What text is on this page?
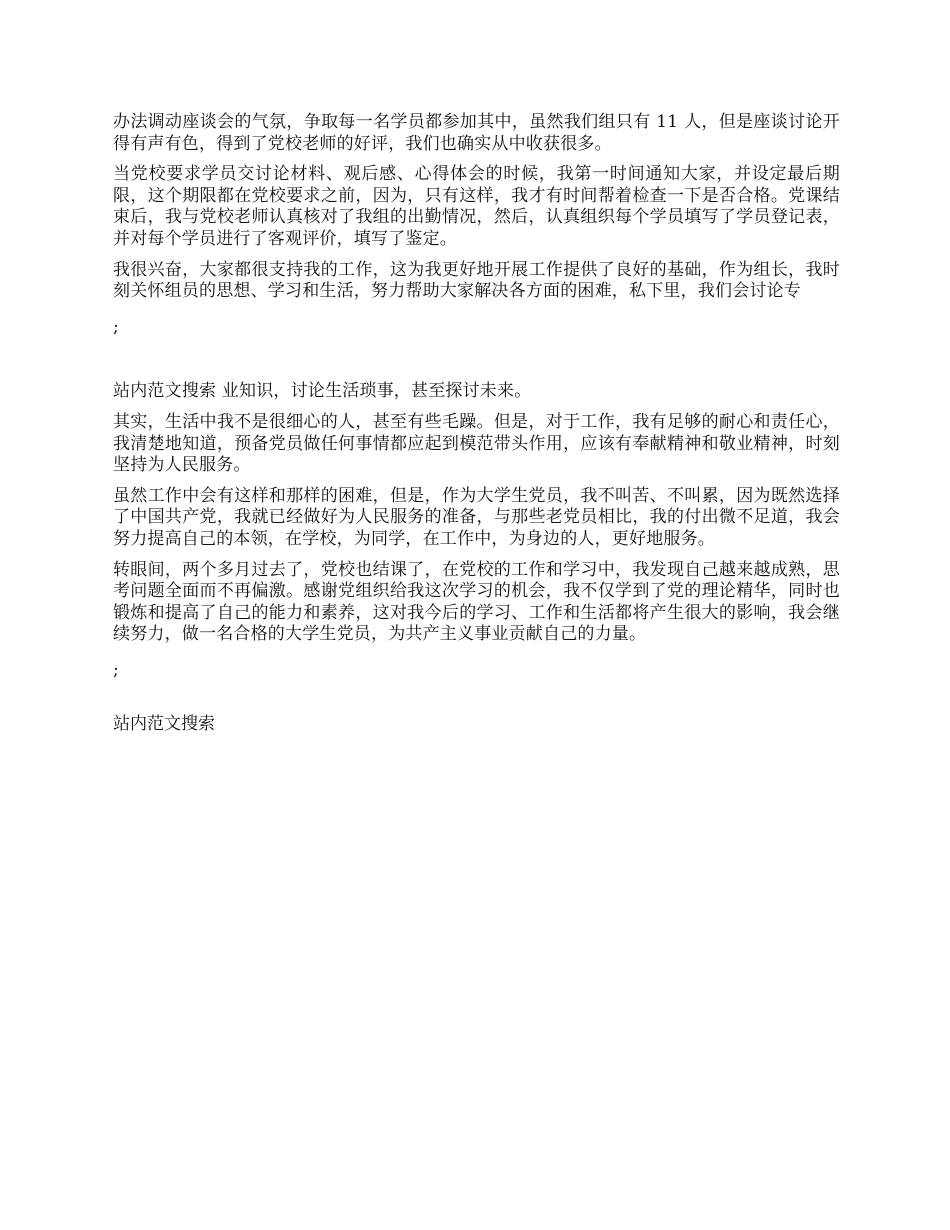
办法调动座谈会的气氛，争取每一名学员都参加其中，虽然我们组只有 11 人，但是座谈讨论开得有声有色，得到了党校老师的好评，我们也确实从中收获很多。

当党校要求学员交讨论材料、观后感、心得体会的时候，我第一时间通知大家，并设定最后期限，这个期限都在党校要求之前，因为，只有这样，我才有时间帮着检查一下是否合格。党课结束后，我与党校老师认真核对了我组的出勤情况，然后，认真组织每个学员填写了学员登记表，并对每个学员进行了客观评价，填写了鉴定。

我很兴奋，大家都很支持我的工作，这为我更好地开展工作提供了良好的基础，作为组长，我时刻关怀组员的思想、学习和生活，努力帮助大家解决各方面的困难，私下里，我们会讨论专

;

站内范文搜索 业知识，讨论生活琐事，甚至探讨未来。

其实，生活中我不是很细心的人，甚至有些毛躁。但是，对于工作，我有足够的耐心和责任心，我清楚地知道，预备党员做任何事情都应起到模范带头作用，应该有奉献精神和敬业精神，时刻坚持为人民服务。

虽然工作中会有这样和那样的困难，但是，作为大学生党员，我不叫苦、不叫累，因为既然选择了中国共产党，我就已经做好为人民服务的准备，与那些老党员相比，我的付出微不足道，我会努力提高自己的本领，在学校，为同学，在工作中，为身边的人，更好地服务。

转眼间，两个多月过去了，党校也结课了，在党校的工作和学习中，我发现自己越来越成熟，思考问题全面而不再偏激。感谢党组织给我这次学习的机会，我不仅学到了党的理论精华，同时也锻炼和提高了自己的能力和素养，这对我今后的学习、工作和生活都将产生很大的影响，我会继续努力，做一名合格的大学生党员，为共产主义事业贡献自己的力量。

;

站内范文搜索
